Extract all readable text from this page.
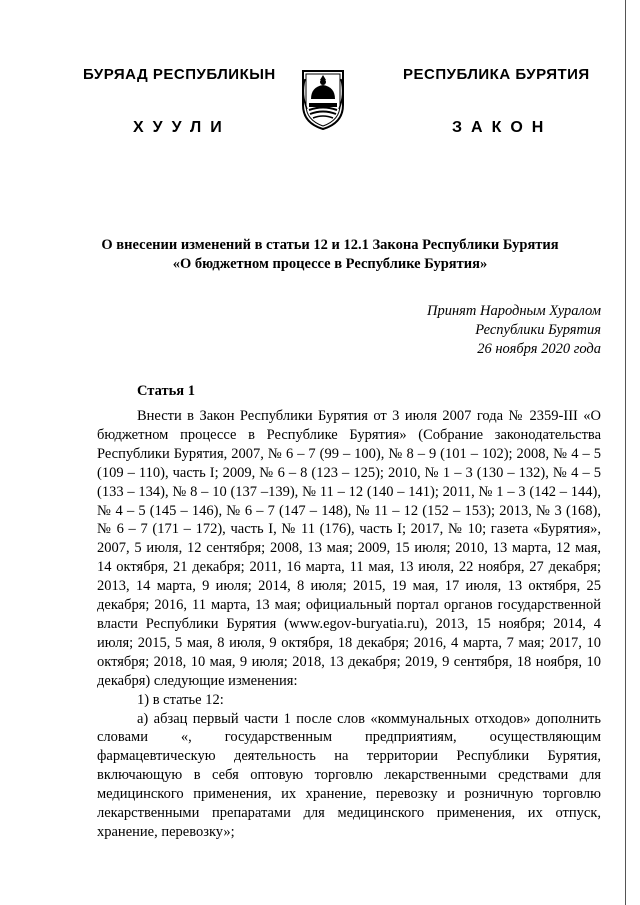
БУРЯАД РЕСПУБЛИКЫН	РЕСПУБЛИКА БУРЯТИЯ
ХУУЛИ	ЗАКОН
О внесении изменений в статьи 12 и 12.1 Закона Республики Бурятия
«О бюджетном процессе в Республике Бурятия»
Принят Народным Хуралом
Республики Бурятия
26 ноября 2020 года
Статья 1

Внести в Закон Республики Бурятия от 3 июля 2007 года № 2359-III «О бюджетном процессе в Республике Бурятия» (Собрание законодательства Республики Бурятия, 2007, № 6 – 7 (99 – 100), № 8 – 9 (101 – 102); 2008, № 4 – 5 (109 – 110), часть I; 2009, № 6 – 8 (123 – 125); 2010, № 1 – 3 (130 – 132), № 4 – 5 (133 – 134), № 8 – 10 (137 –139), № 11 – 12 (140 – 141); 2011, № 1 – 3 (142 – 144), № 4 – 5 (145 – 146), № 6 – 7 (147 – 148), № 11 – 12 (152 – 153); 2013, № 3 (168), № 6 – 7 (171 – 172), часть I, № 11 (176), часть I; 2017, № 10; газета «Бурятия», 2007, 5 июля, 12 сентября; 2008, 13 мая; 2009, 15 июля; 2010, 13 марта, 12 мая, 14 октября, 21 декабря; 2011, 16 марта, 11 мая, 13 июля, 22 ноября, 27 декабря; 2013, 14 марта, 9 июля; 2014, 8 июля; 2015, 19 мая, 17 июля, 13 октября, 25 декабря; 2016, 11 марта, 13 мая; официальный портал органов государственной власти Республики Бурятия (www.egov-buryatia.ru), 2013, 15 ноября; 2014, 4 июля; 2015, 5 мая, 8 июля, 9 октября, 18 декабря; 2016, 4 марта, 7 мая; 2017, 10 октября; 2018, 10 мая, 9 июля; 2018, 13 декабря; 2019, 9 сентября, 18 ноября, 10 декабря) следующие изменения:

1) в статье 12:

а) абзац первый части 1 после слов «коммунальных отходов» дополнить словами «, государственным предприятиям, осуществляющим фармацевтическую деятельность на территории Республики Бурятия, включающую в себя оптовую торговлю лекарственными средствами для медицинского применения, их хранение, перевозку и розничную торговлю лекарственными препаратами для медицинского применения, их отпуск, хранение, перевозку»;
